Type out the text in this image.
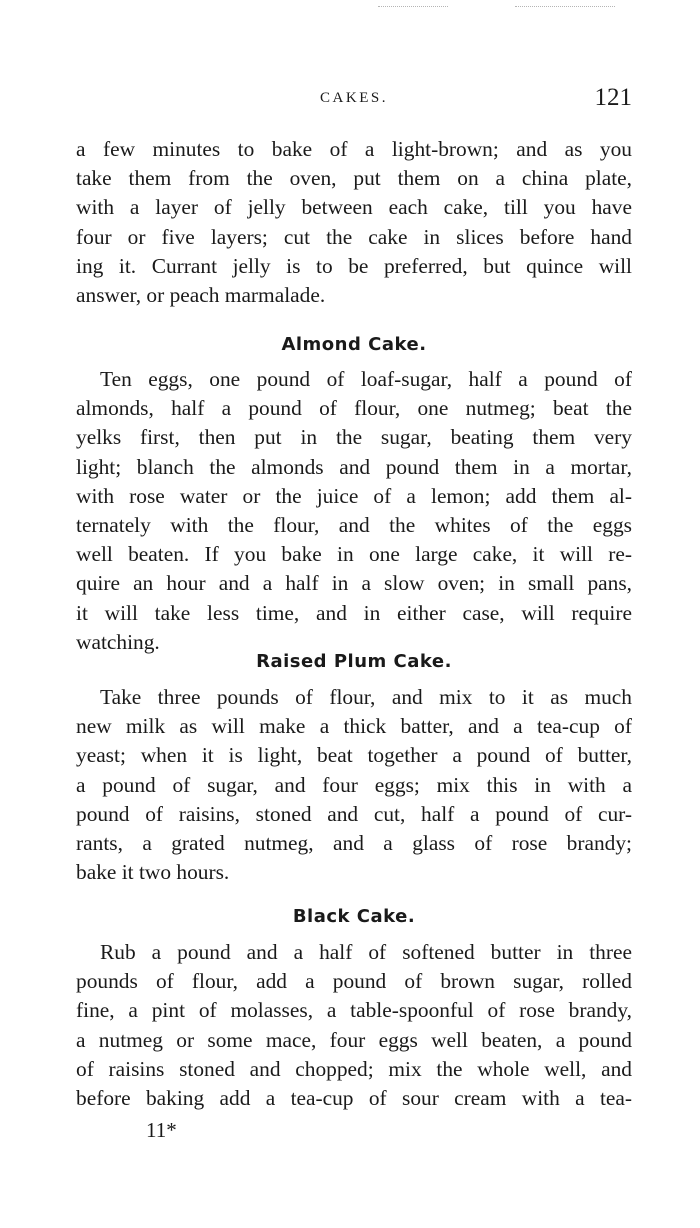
CAKES.	121
a few minutes to bake of a light-brown; and as you
take them from the oven, put them on a china plate,
with a layer of jelly between each cake, till you have
four or five layers; cut the cake in slices before hand
ing it. Currant jelly is to be preferred, but quince will
answer, or peach marmalade.
Almond Cake.
Ten eggs, one pound of loaf-sugar, half a pound of
almonds, half a pound of flour, one nutmeg; beat the
yelks first, then put in the sugar, beating them very
light; blanch the almonds and pound them in a mortar,
with rose water or the juice of a lemon; add them al-
ternately with the flour, and the whites of the eggs
well beaten. If you bake in one large cake, it will re-
quire an hour and a half in a slow oven; in small pans,
it will take less time, and in either case, will require
watching.
Raised Plum Cake.
Take three pounds of flour, and mix to it as much
new milk as will make a thick batter, and a tea-cup of
yeast; when it is light, beat together a pound of butter,
a pound of sugar, and four eggs; mix this in with a
pound of raisins, stoned and cut, half a pound of cur-
rants, a grated nutmeg, and a glass of rose brandy;
bake it two hours.
Black Cake.
Rub a pound and a half of softened butter in three
pounds of flour, add a pound of brown sugar, rolled
fine, a pint of molasses, a table-spoonful of rose brandy,
a nutmeg or some mace, four eggs well beaten, a pound
of raisins stoned and chopped; mix the whole well, and
before baking add a tea-cup of sour cream with a tea-
11*
